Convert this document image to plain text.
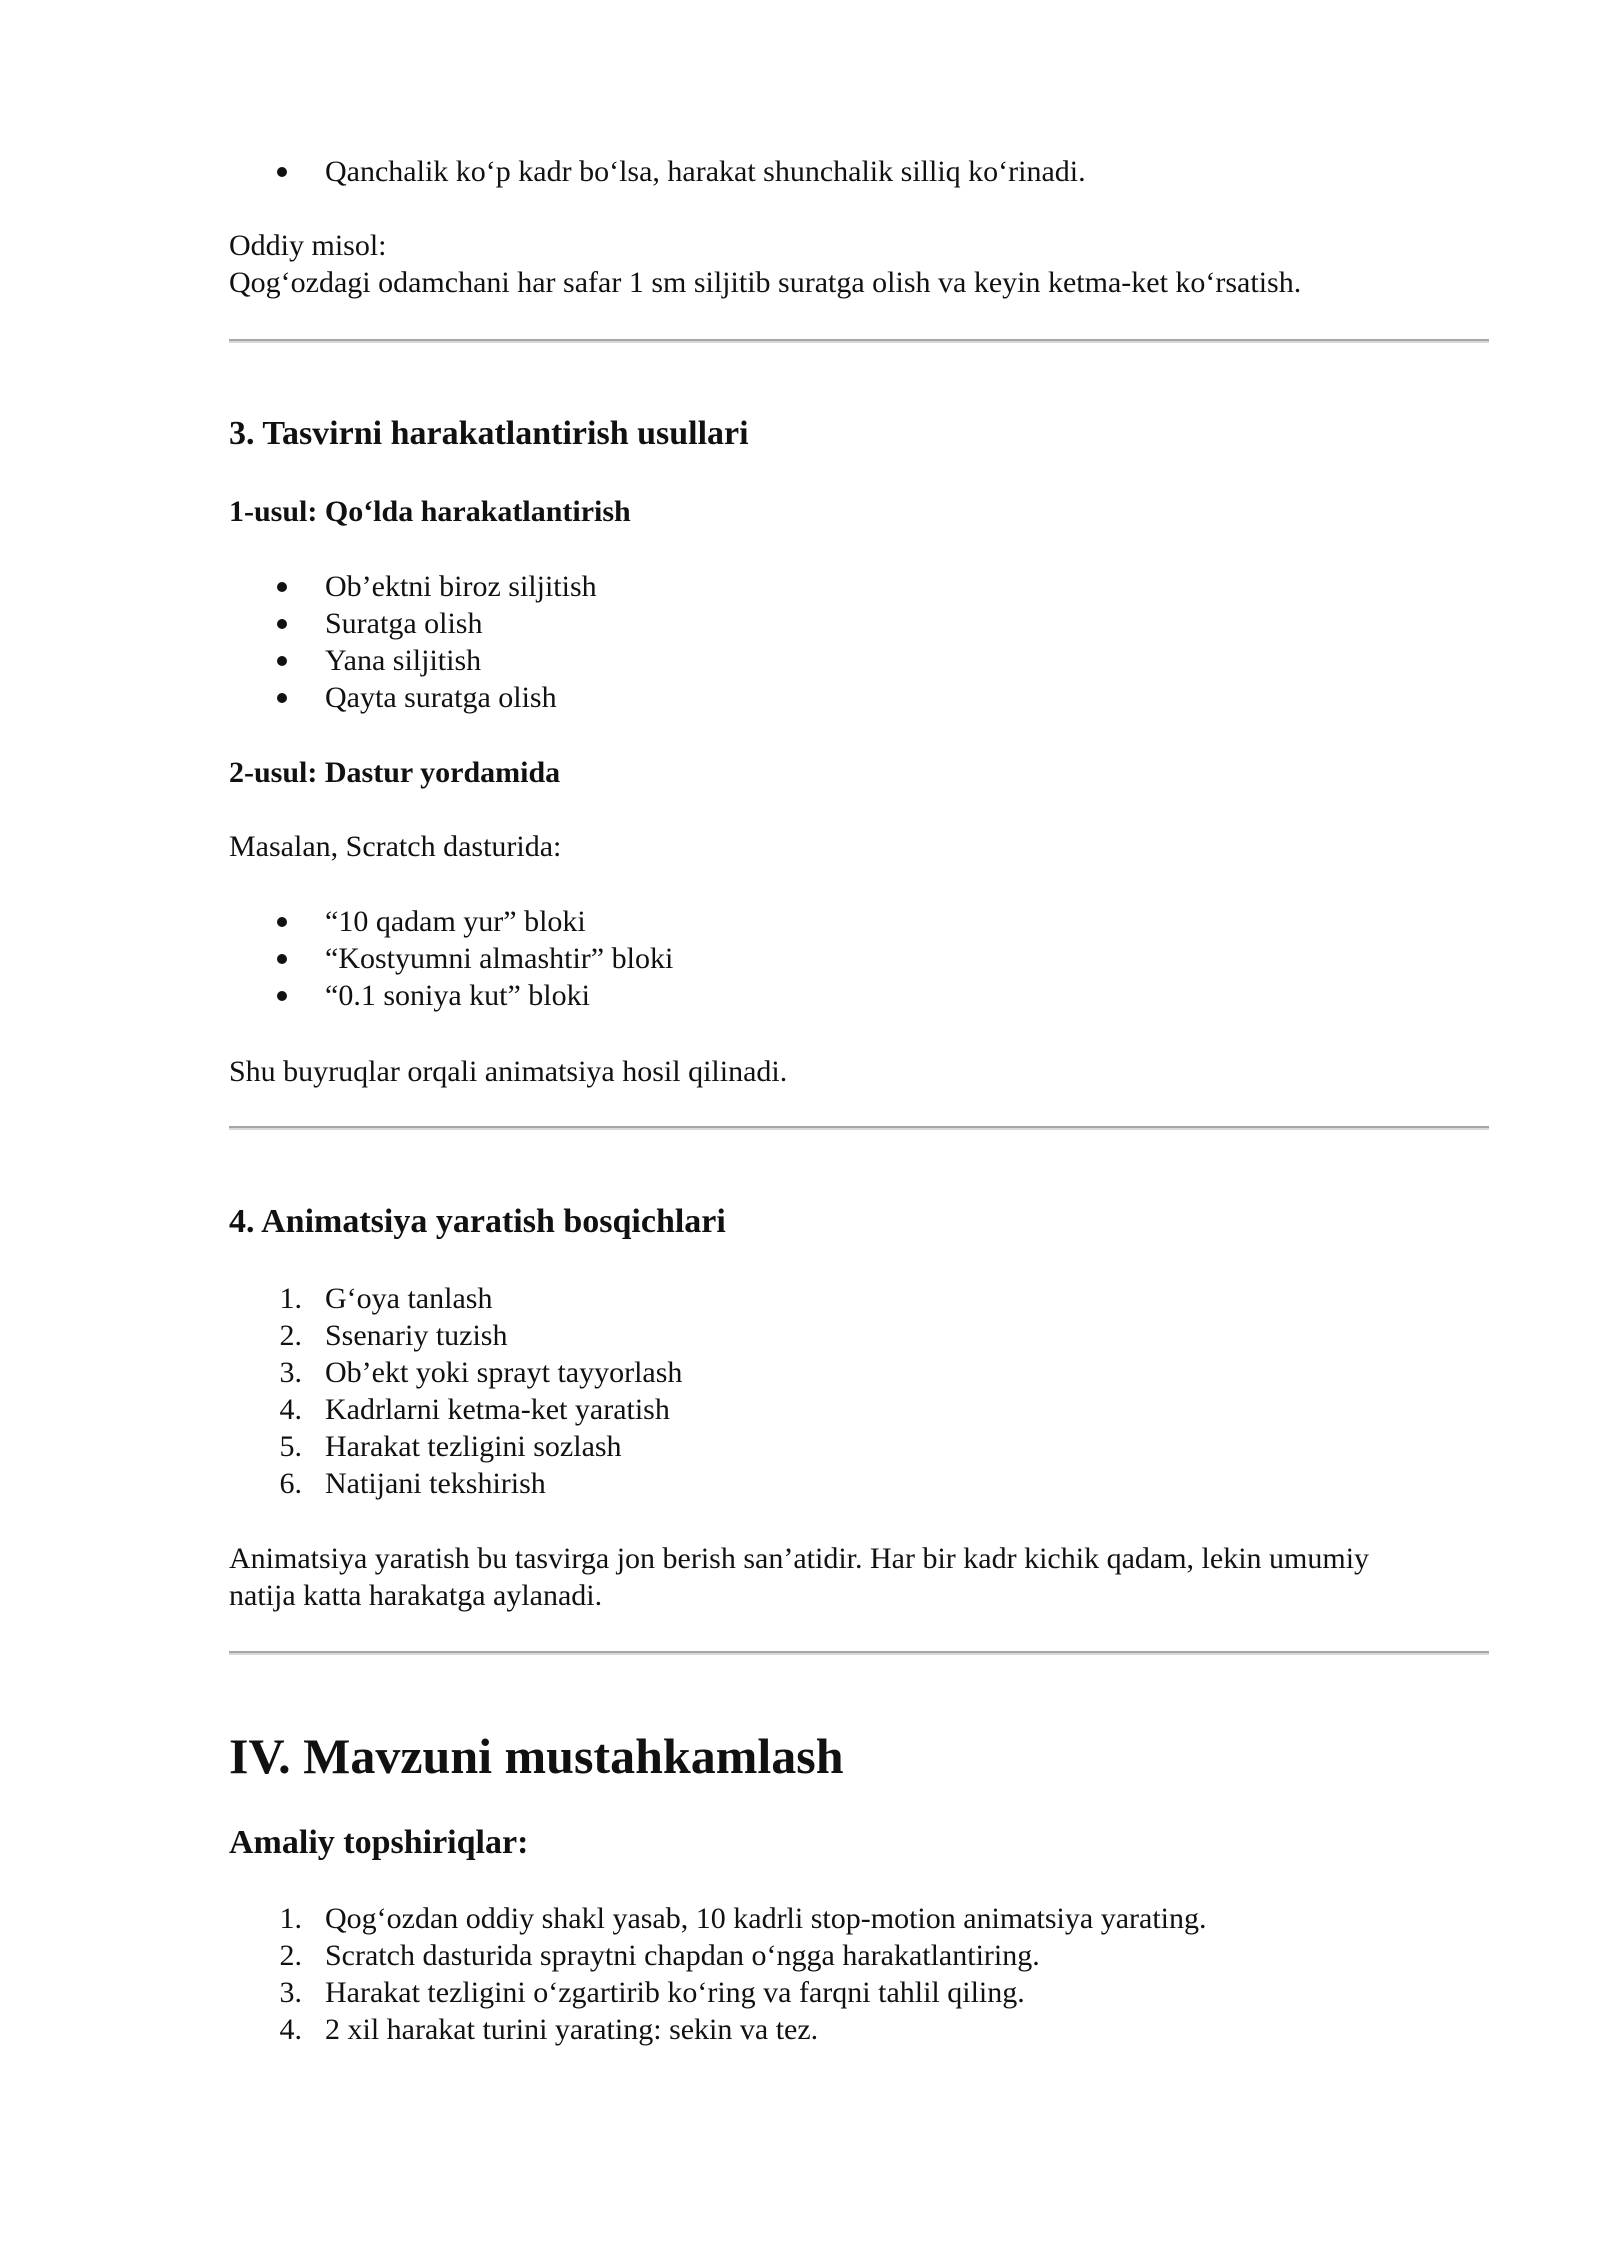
Qanchalik ko‘p kadr bo‘lsa, harakat shunchalik silliq ko‘rinadi.

Oddiy misol:

Qog‘ozdagi odamchani har safar 1 sm siljitib suratga olish va keyin ketma-ket ko‘rsatish.

3. Tasvirni harakatlantirish usullari
1-usul: Qo‘lda harakatlantirish

Ob’ektni biroz siljitish

Suratga olish

Yana siljitish

Qayta suratga olish

2-usul: Dastur yordamida

Masalan, Scratch dasturida:

“10 qadam yur” bloki

“Kostyumni almashtir” bloki

“0.1 soniya kut” bloki

Shu buyruqlar orqali animatsiya hosil qilinadi.

4. Animatsiya yaratish bosqichlari
1. G‘oya tanlash

2. Ssenariy tuzish

3. Ob’ekt yoki sprayt tayyorlash

4. Kadrlarni ketma-ket yaratish

5. Harakat tezligini sozlash

6. Natijani tekshirish

Animatsiya yaratish bu tasvirga jon berish san’atidir. Har bir kadr kichik qadam, lekin umumiy

natija katta harakatga aylanadi.

IV. Mavzuni mustahkamlash
Amaliy topshiriqlar:
1. Qog‘ozdan oddiy shakl yasab, 10 kadrli stop-motion animatsiya yarating.

2. Scratch dasturida spraytni chapdan o‘ngga harakatlantiring.

3. Harakat tezligini o‘zgartirib ko‘ring va farqni tahlil qiling.

4. 2 xil harakat turini yarating: sekin va tez.
